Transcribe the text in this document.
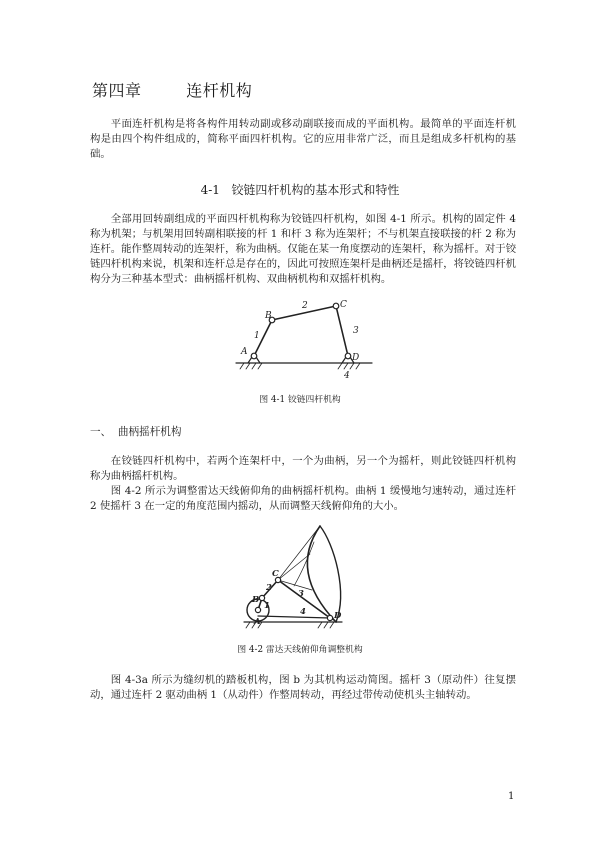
第四章        连杆机构

平面连杆机构是将各构件用转动副或移动副联接而成的平面机构。最简单的平面连杆机构是由四个构件组成的，简称平面四杆机构。它的应用非常广泛，而且是组成多杆机构的基础。

4-1   铰链四杆机构的基本形式和特性

全部用回转副组成的平面四杆机构称为铰链四杆机构，如图 4-1 所示。机构的固定件 4 称为机架；与机架用回转副相联接的杆 1 和杆 3 称为连架杆；不与机架直接联接的杆 2 称为连杆。能作整周转动的连架杆，称为曲柄。仅能在某一角度摆动的连架杆，称为摇杆。对于铰链四杆机构来说，机架和连杆总是存在的，因此可按照连架杆是曲柄还是摇杆，将铰链四杆机构分为三种基本型式：曲柄摇杆机构、双曲柄机构和双摇杆机构。

A
B
C
D
1
2
3
4
图 4-1 铰链四杆机构
一、  曲柄摇杆机构

在铰链四杆机构中，若两个连架杆中，一个为曲柄，另一个为摇杆，则此铰链四杆机构称为曲柄摇杆机构。

图 4-2 所示为调整雷达天线俯仰角的曲柄摇杆机构。曲柄 1 缓慢地匀速转动，通过连杆 2 使摇杆 3 在一定的角度范围内摇动，从而调整天线俯仰角的大小。

B
C
A
D
1
2
3
4
图 4-2 雷达天线俯仰角调整机构

图 4-3a 所示为缝纫机的踏板机构，图 b 为其机构运动简图。摇杆 3（原动件）往复摆动，通过连杆 2 驱动曲柄 1（从动件）作整周转动，再经过带传动使机头主轴转动。

1
